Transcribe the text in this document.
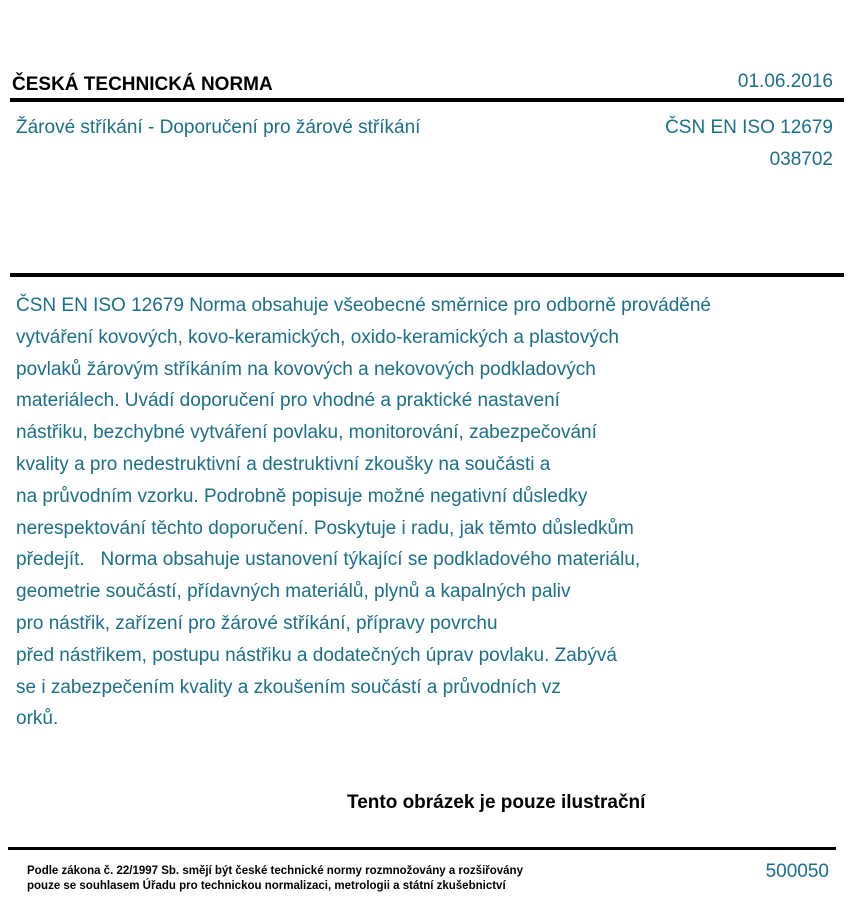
ČESKÁ TECHNICKÁ NORMA	01.06.2016
Žárové stříkání - Doporučení pro žárové stříkání	ČSN EN ISO 12679
038702
ČSN EN ISO 12679 Norma obsahuje všeobecné směrnice pro odborně prováděné
vytváření kovových, kovo-keramických, oxido-keramických a plastových
povlaků žárovým stříkáním na kovových a nekovových podkladových
materiálech. Uvádí doporučení pro vhodné a praktické nastavení
nástřiku, bezchybné vytváření povlaku, monitorování, zabezpečování
kvality a pro nedestruktivní a destruktivní zkoušky na součásti a
na průvodním vzorku. Podrobně popisuje možné negativní důsledky
nerespektování těchto doporučení. Poskytuje i radu, jak těmto důsledkům
předejít.   Norma obsahuje ustanovení týkající se podkladového materiálu,
geometrie součástí, přídavných materiálů, plynů a kapalných paliv
pro nástřik, zařízení pro žárové stříkání, přípravy povrchu
před nástřikem, postupu nástřiku a dodatečných úprav povlaku. Zabývá
se i zabezpečením kvality a zkoušením součástí a průvodních vz
orků.
Tento obrázek je pouze ilustrační
Podle zákona č. 22/1997 Sb. smějí být české technické normy rozmnožovány a rozšiřovány
pouze se souhlasem Úřadu pro technickou normalizaci, metrologii a státní zkušebnictví
500050
